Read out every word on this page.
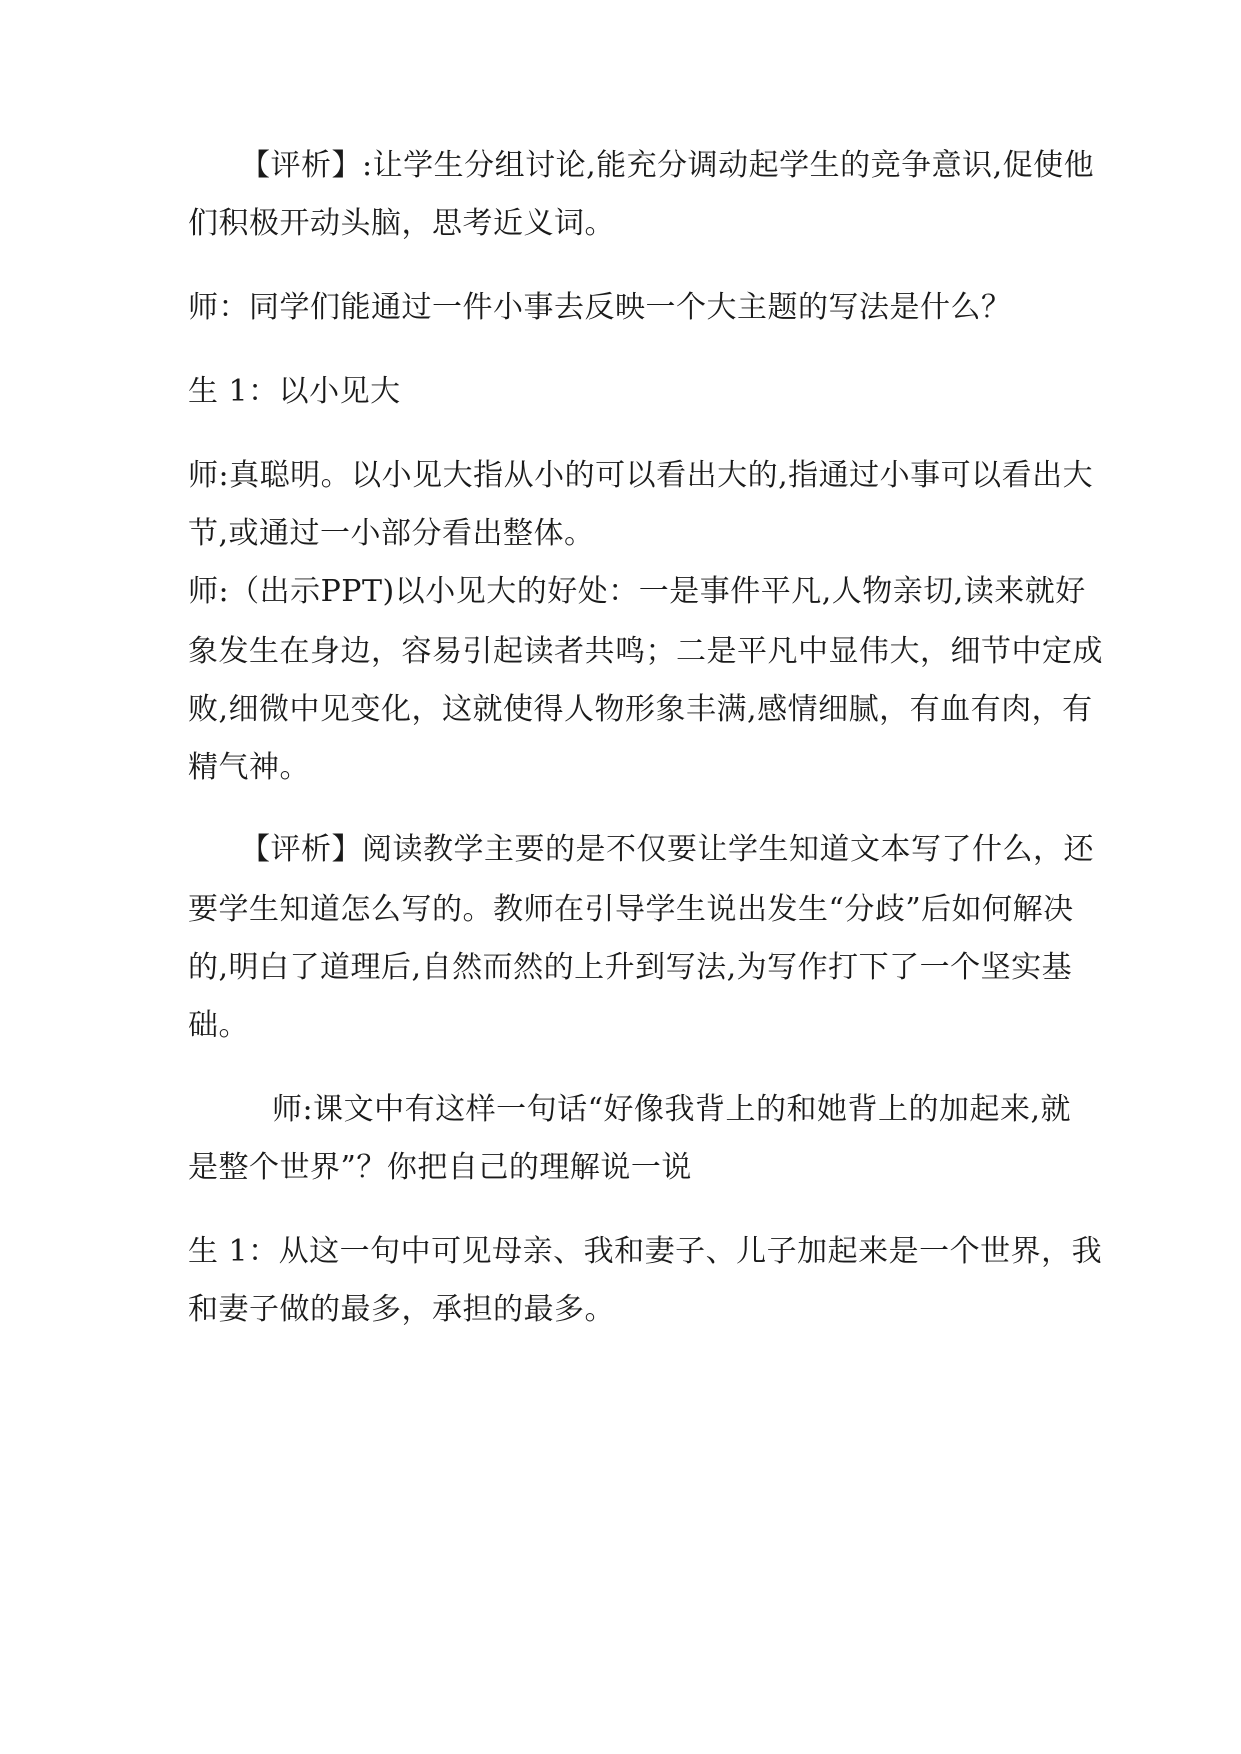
【评析】:让学生分组讨论,能充分调动起学生的竞争意识,促使他
们积极开动头脑，思考近义词。
师：同学们能通过一件小事去反映一个大主题的写法是什么？
生 1：以小见大
师:真聪明。以小见大指从小的可以看出大的,指通过小事可以看出大
节,或通过一小部分看出整体。
师:（出示PPT)以小见大的好处：一是事件平凡,人物亲切,读来就好
象发生在身边，容易引起读者共鸣；二是平凡中显伟大，细节中定成
败,细微中见变化，这就使得人物形象丰满,感情细腻，有血有肉，有
精气神。
【评析】阅读教学主要的是不仅要让学生知道文本写了什么，还
要学生知道怎么写的。教师在引导学生说出发生“分歧”后如何解决
的,明白了道理后,自然而然的上升到写法,为写作打下了一个坚实基
础。
师:课文中有这样一句话“好像我背上的和她背上的加起来,就
是整个世界”？你把自己的理解说一说
生 1：从这一句中可见母亲、我和妻子、儿子加起来是一个世界，我
和妻子做的最多，承担的最多。
